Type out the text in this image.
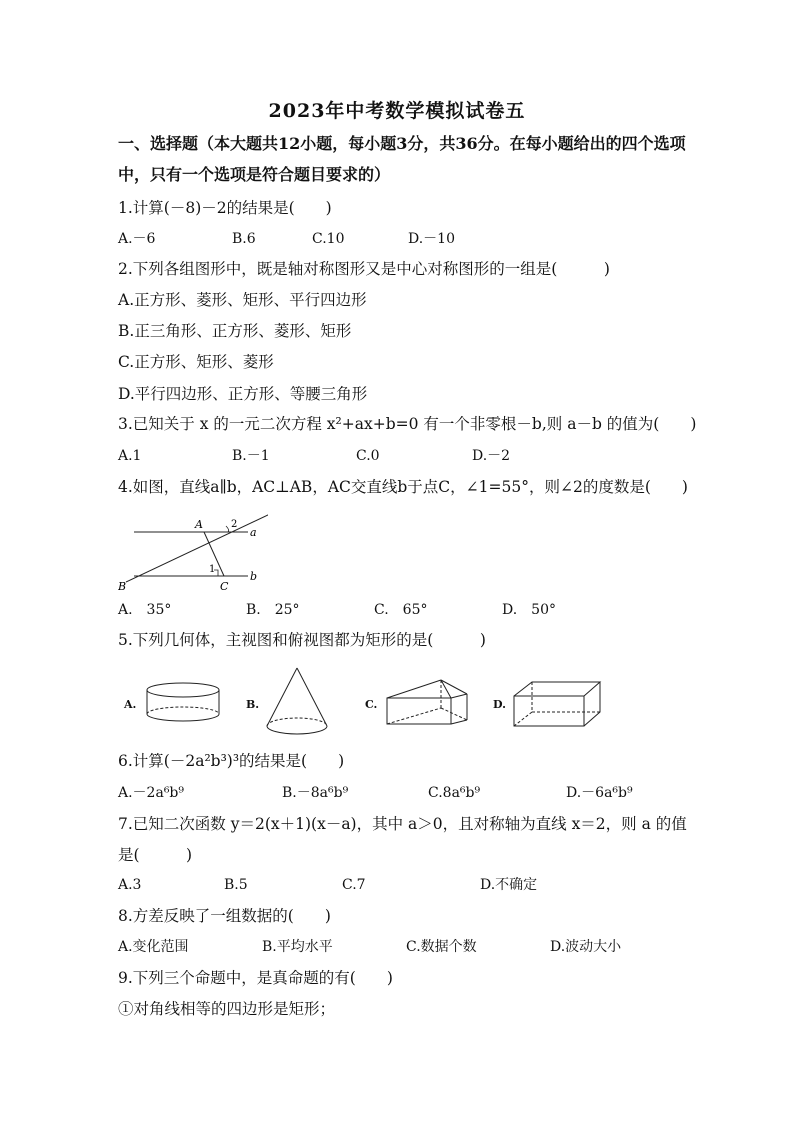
2023年中考数学模拟试卷五
一、选择题（本大题共12小题，每小题3分，共36分。在每小题给出的四个选项
中，只有一个选项是符合题目要求的）
1.计算(－8)－2的结果是(　　)
A.－6	B.6	C.10	D.－10
2.下列各组图形中，既是轴对称图形又是中心对称图形的一组是(　　　)
A.正方形、菱形、矩形、平行四边形
B.正三角形、正方形、菱形、矩形
C.正方形、矩形、菱形
D.平行四边形、正方形、等腰三角形
3.已知关于 x 的一元二次方程 x²+ax+b=0 有一个非零根－b,则 a－b 的值为(　　)
A.1	B.－1	C.0	D.－2
4.如图，直线a∥b，AC⊥AB，AC交直线b于点C，∠1=55°，则∠2的度数是(　　)
A
B	C
a
b
1
2
A.　35°	B.　25°	C.　65°	D.　50°
5.下列几何体，主视图和俯视图都为矩形的是(　　　)
A.	B.	C.	D.
6.计算(－2a²b³)³的结果是(　　)
A.－2a⁶b⁹	B.－8a⁶b⁹	C.8a⁶b⁹	D.－6a⁶b⁹
7.已知二次函数 y＝2(x＋1)(x－a)，其中 a＞0，且对称轴为直线 x＝2，则 a 的值
是(　　　)
A.3	B.5	C.7	D.不确定
8.方差反映了一组数据的(　　)
A.变化范围	B.平均水平	C.数据个数	D.波动大小
9.下列三个命题中，是真命题的有(　　)
①对角线相等的四边形是矩形；
